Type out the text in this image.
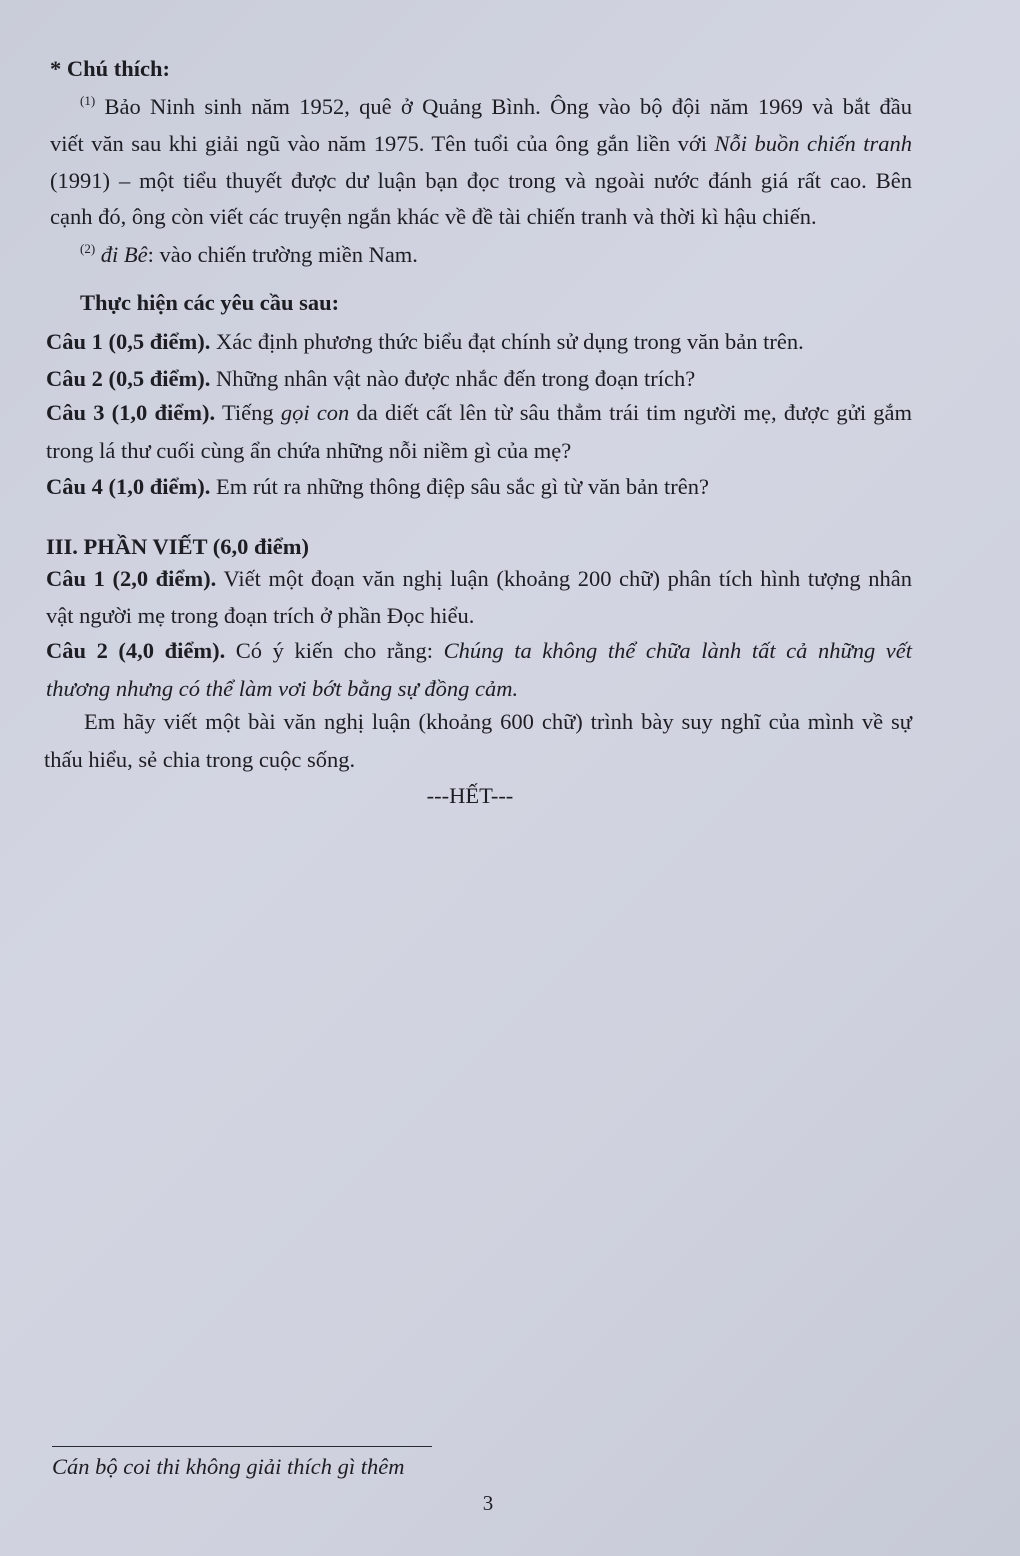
* Chú thích:
$^{(1)}$ Bảo Ninh sinh năm 1952, quê ở Quảng Bình. Ông vào bộ đội năm 1969 và bắt đầu
viết văn sau khi giải ngũ vào năm 1975. Tên tuổi của ông gắn liền với Nỗi buồn chiến tranh
(1991) – một tiểu thuyết được dư luận bạn đọc trong và ngoài nước đánh giá rất cao. Bên
cạnh đó, ông còn viết các truyện ngắn khác về đề tài chiến tranh và thời kì hậu chiến.
$^{(2)}$ đi Bê: vào chiến trường miền Nam.
Thực hiện các yêu cầu sau:
Câu 1 (0,5 điểm). Xác định phương thức biểu đạt chính sử dụng trong văn bản trên.
Câu 2 (0,5 điểm). Những nhân vật nào được nhắc đến trong đoạn trích?
Câu 3 (1,0 điểm). Tiếng gọi con da diết cất lên từ sâu thẳm trái tim người mẹ, được gửi gắm
trong lá thư cuối cùng ẩn chứa những nỗi niềm gì của mẹ?
Câu 4 (1,0 điểm). Em rút ra những thông điệp sâu sắc gì từ văn bản trên?
III. PHẦN VIẾT (6,0 điểm)
Câu 1 (2,0 điểm). Viết một đoạn văn nghị luận (khoảng 200 chữ) phân tích hình tượng nhân
vật người mẹ trong đoạn trích ở phần Đọc hiểu.
Câu 2 (4,0 điểm). Có ý kiến cho rằng: Chúng ta không thể chữa lành tất cả những vết
thương nhưng có thể làm vơi bớt bằng sự đồng cảm.
Em hãy viết một bài văn nghị luận (khoảng 600 chữ) trình bày suy nghĩ của mình về sự
thấu hiểu, sẻ chia trong cuộc sống.
---HẾT---
Cán bộ coi thi không giải thích gì thêm
3
